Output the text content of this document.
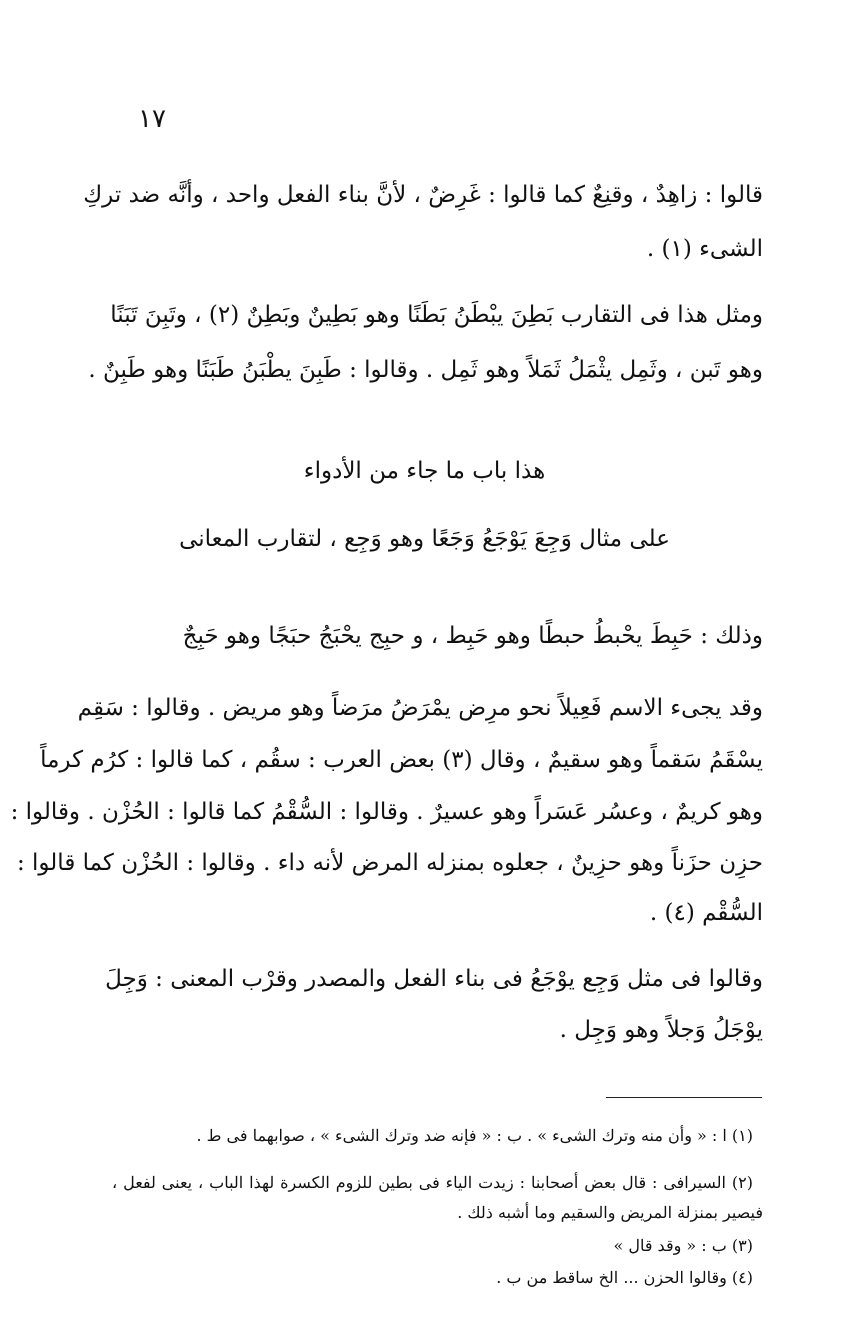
١٧
قالوا : زاهِدٌ ، وقنِعٌ كما قالوا : غَرِضٌ ، لأنَّ بناء الفعل واحد ، وأنَّه ضد تركِ
الشىء (١) .
ومثل هذا فى التقارب بَطِنَ يبْطَنُ بَطَنًا وهو بَطِينٌ وبَطِنٌ (٢) ، وتَبِنَ تَبَنًا
وهو تَبن ، وثَمِل يثْمَلُ ثَمَلاً وهو ثَمِل . وقالوا : طَبِنَ يطْبَنُ طَبَنًا وهو طَبِنٌ .
هذا باب ما جاء من الأدواء
على مثال وَجِعَ يَوْجَعُ وَجَعًا وهو وَجِع ، لتقارب المعانى
وذلك : حَبِطَ يحْبطُ حبطًا وهو حَبِط ، و حبِج يحْبَجُ حبَجًا وهو حَبِجٌ
وقد يجىء الاسم فَعِيلاً نحو مرِض يمْرَضُ مرَضاً وهو مريض . وقالوا : سَقِم
يسْقَمُ سَقماً وهو سقيمٌ ، وقال (٣) بعض العرب : سقُم ، كما قالوا : كرُم كرماً
وهو كريمٌ ، وعسُر عَسَراً وهو عسيرٌ . وقالوا : السُّقْمُ كما قالوا : الحُزْن . وقالوا :
حزِن حزَناً وهو حزِينٌ ، جعلوه بمنزله المرض لأنه داء . وقالوا : الحُزْن كما قالوا :
السُّقْم (٤) .
وقالوا فى مثل وَجِع يوْجَعُ فى بناء الفعل والمصدر وقرْب المعنى : وَجِلَ
يوْجَلُ وَجلاً وهو وَجِل .
(١) ا : « وأن منه وترك الشىء » . ب : « فإنه ضد وترك الشىء » ، صوابهما فى ط .
(٢) السيرافى : قال بعض أصحابنا : زيدت الياء فى بطين للزوم الكسرة لهذا الباب ، يعنى لفعل ،
فيصير بمنزلة المريض والسقيم وما أشبه ذلك .
(٣) ب : « وقد قال »
(٤) وقالوا الحزن ... الخ ساقط من ب .
